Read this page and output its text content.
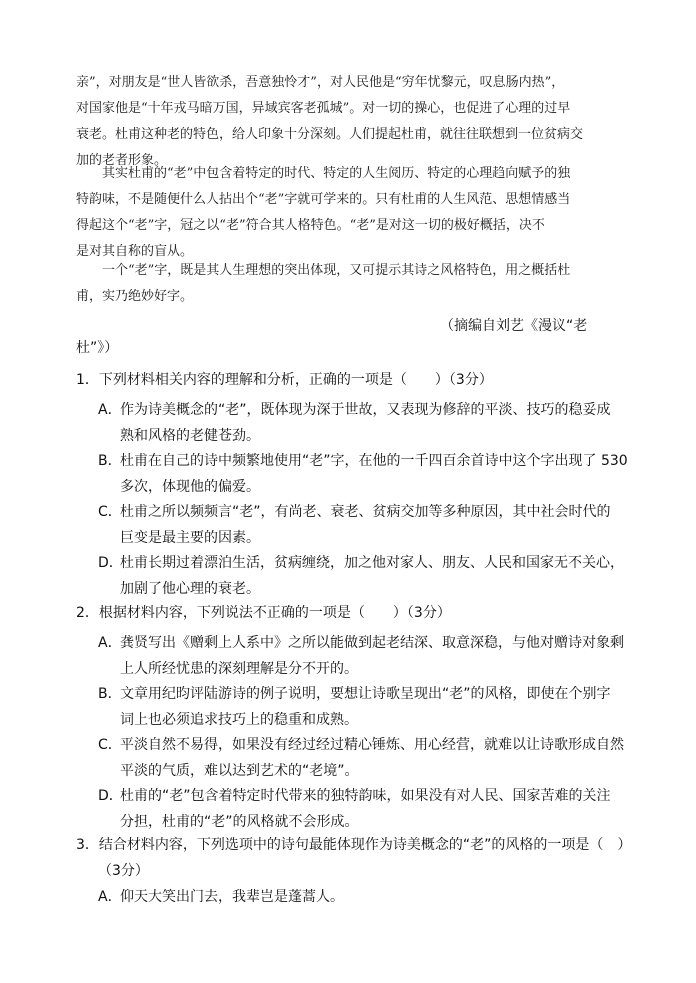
亲”，对朋友是“世人皆欲杀，吾意独怜才”，对人民他是“穷年忧黎元，叹息肠内热”，

对国家他是“十年戎马暗万国，异域宾客老孤城”。对一切的操心，也促进了心理的过早

衰老。杜甫这种老的特色，给人印象十分深刻。人们提起杜甫，就往往联想到一位贫病交

加的老者形象。

其实杜甫的“老”中包含着特定的时代、特定的人生阅历、特定的心理趋向赋予的独

特韵味，不是随便什么人拈出个“老”字就可学来的。只有杜甫的人生风范、思想情感当

得起这个“老”字，冠之以“老”符合其人格特色。“老”是对这一切的极好概括，决不

是对其自称的盲从。

一个“老”字，既是其人生理想的突出体现，又可提示其诗之风格特色，用之概括杜

甫，实乃绝妙好字。

（摘编自刘艺《漫议“老
杜”》）
1．下列材料相关内容的理解和分析，正确的一项是（　　）（3分）
A．
作为诗美概念的“老”，既体现为深于世故，又表现为修辞的平淡、技巧的稳妥成
熟和风格的老健苍劲。
B．
杜甫在自己的诗中频繁地使用“老”字，在他的一千四百余首诗中这个字出现了 530
多次，体现他的偏爱。
C．
杜甫之所以频频言“老”，有尚老、衰老、贫病交加等多种原因，其中社会时代的
巨变是最主要的因素。
D．
杜甫长期过着漂泊生活，贫病缠绕，加之他对家人、朋友、人民和国家无不关心，
加剧了他心理的衰老。
2．根据材料内容，下列说法不正确的一项是（　　）（3分）
A．
龚贤写出《赠剩上人系中》之所以能做到起老结深、取意深稳，与他对赠诗对象剩
上人所经忧患的深刻理解是分不开的。
B．
文章用纪昀评陆游诗的例子说明，要想让诗歌呈现出“老”的风格，即使在个别字
词上也必须追求技巧上的稳重和成熟。
C．
平淡自然不易得，如果没有经过经过精心锤炼、用心经营，就难以让诗歌形成自然
平淡的气质，难以达到艺术的“老境”。
D．
杜甫的“老”包含着特定时代带来的独特韵味，如果没有对人民、国家苦难的关注
分担，杜甫的“老”的风格就不会形成。
3．结合材料内容，下列选项中的诗句最能体现作为诗美概念的“老”的风格的一项是（　）
（3分）
A．
仰天大笑出门去，我辈岂是蓬蒿人。
